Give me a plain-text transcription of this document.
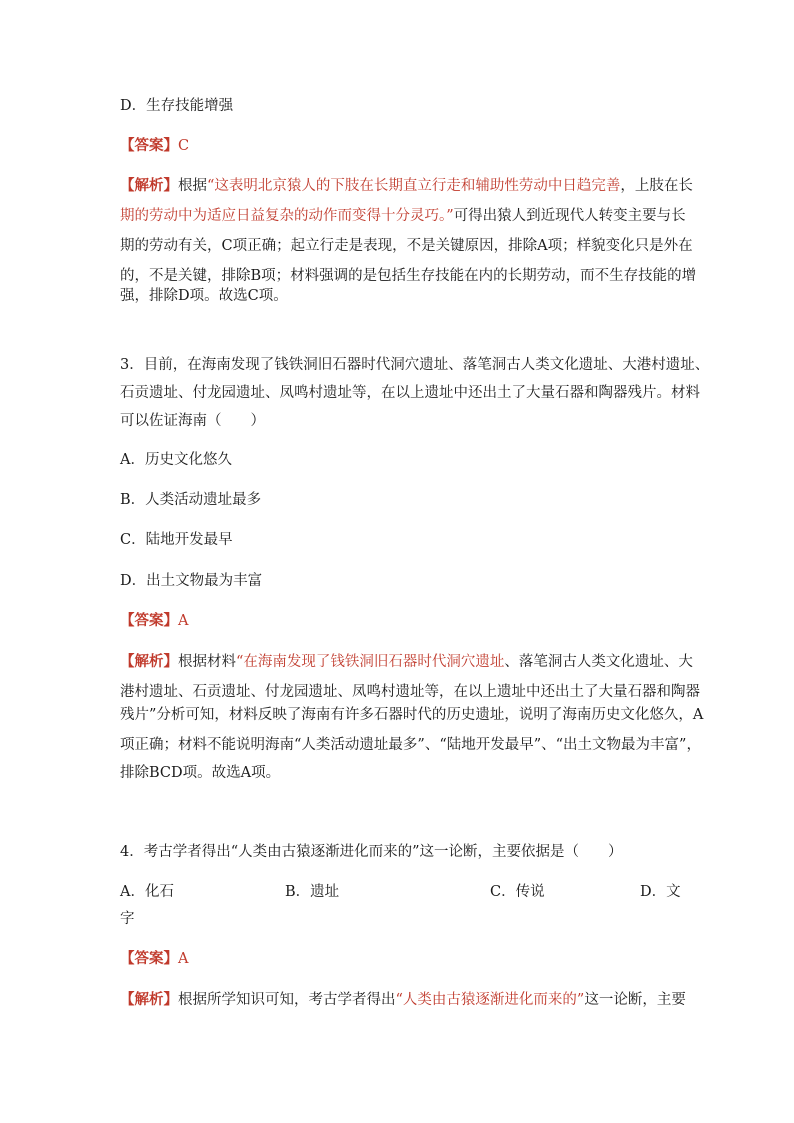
D．生存技能增强
【答案】C
【解析】根据“这表明北京猿人的下肢在长期直立行走和辅助性劳动中日趋完善，上肢在长
期的劳动中为适应日益复杂的动作而变得十分灵巧。”可得出猿人到近现代人转变主要与长
期的劳动有关，C项正确；起立行走是表现，不是关键原因，排除A项；样貌变化只是外在
的，不是关键，排除B项；材料强调的是包括生存技能在内的长期劳动，而不生存技能的增
强，排除D项。故选C项。
3．目前，在海南发现了钱铁洞旧石器时代洞穴遗址、落笔洞古人类文化遗址、大港村遗址、
石贡遗址、付龙园遗址、凤鸣村遗址等，在以上遗址中还出土了大量石器和陶器残片。材料
可以佐证海南（　　）
A．历史文化悠久
B．人类活动遗址最多
C．陆地开发最早
D．出土文物最为丰富
【答案】A
【解析】根据材料“在海南发现了钱铁洞旧石器时代洞穴遗址、落笔洞古人类文化遗址、大
港村遗址、石贡遗址、付龙园遗址、凤鸣村遗址等，在以上遗址中还出土了大量石器和陶器
残片”分析可知，材料反映了海南有许多石器时代的历史遗址，说明了海南历史文化悠久，A
项正确；材料不能说明海南“人类活动遗址最多”、“陆地开发最早”、“出土文物最为丰富”，
排除BCD项。故选A项。
4．考古学者得出“人类由古猿逐渐进化而来的”这一论断，主要依据是（　　）
A．化石	B．遗址	C．传说	D．文
字
【答案】A
【解析】根据所学知识可知，考古学者得出“人类由古猿逐渐进化而来的”这一论断，主要
